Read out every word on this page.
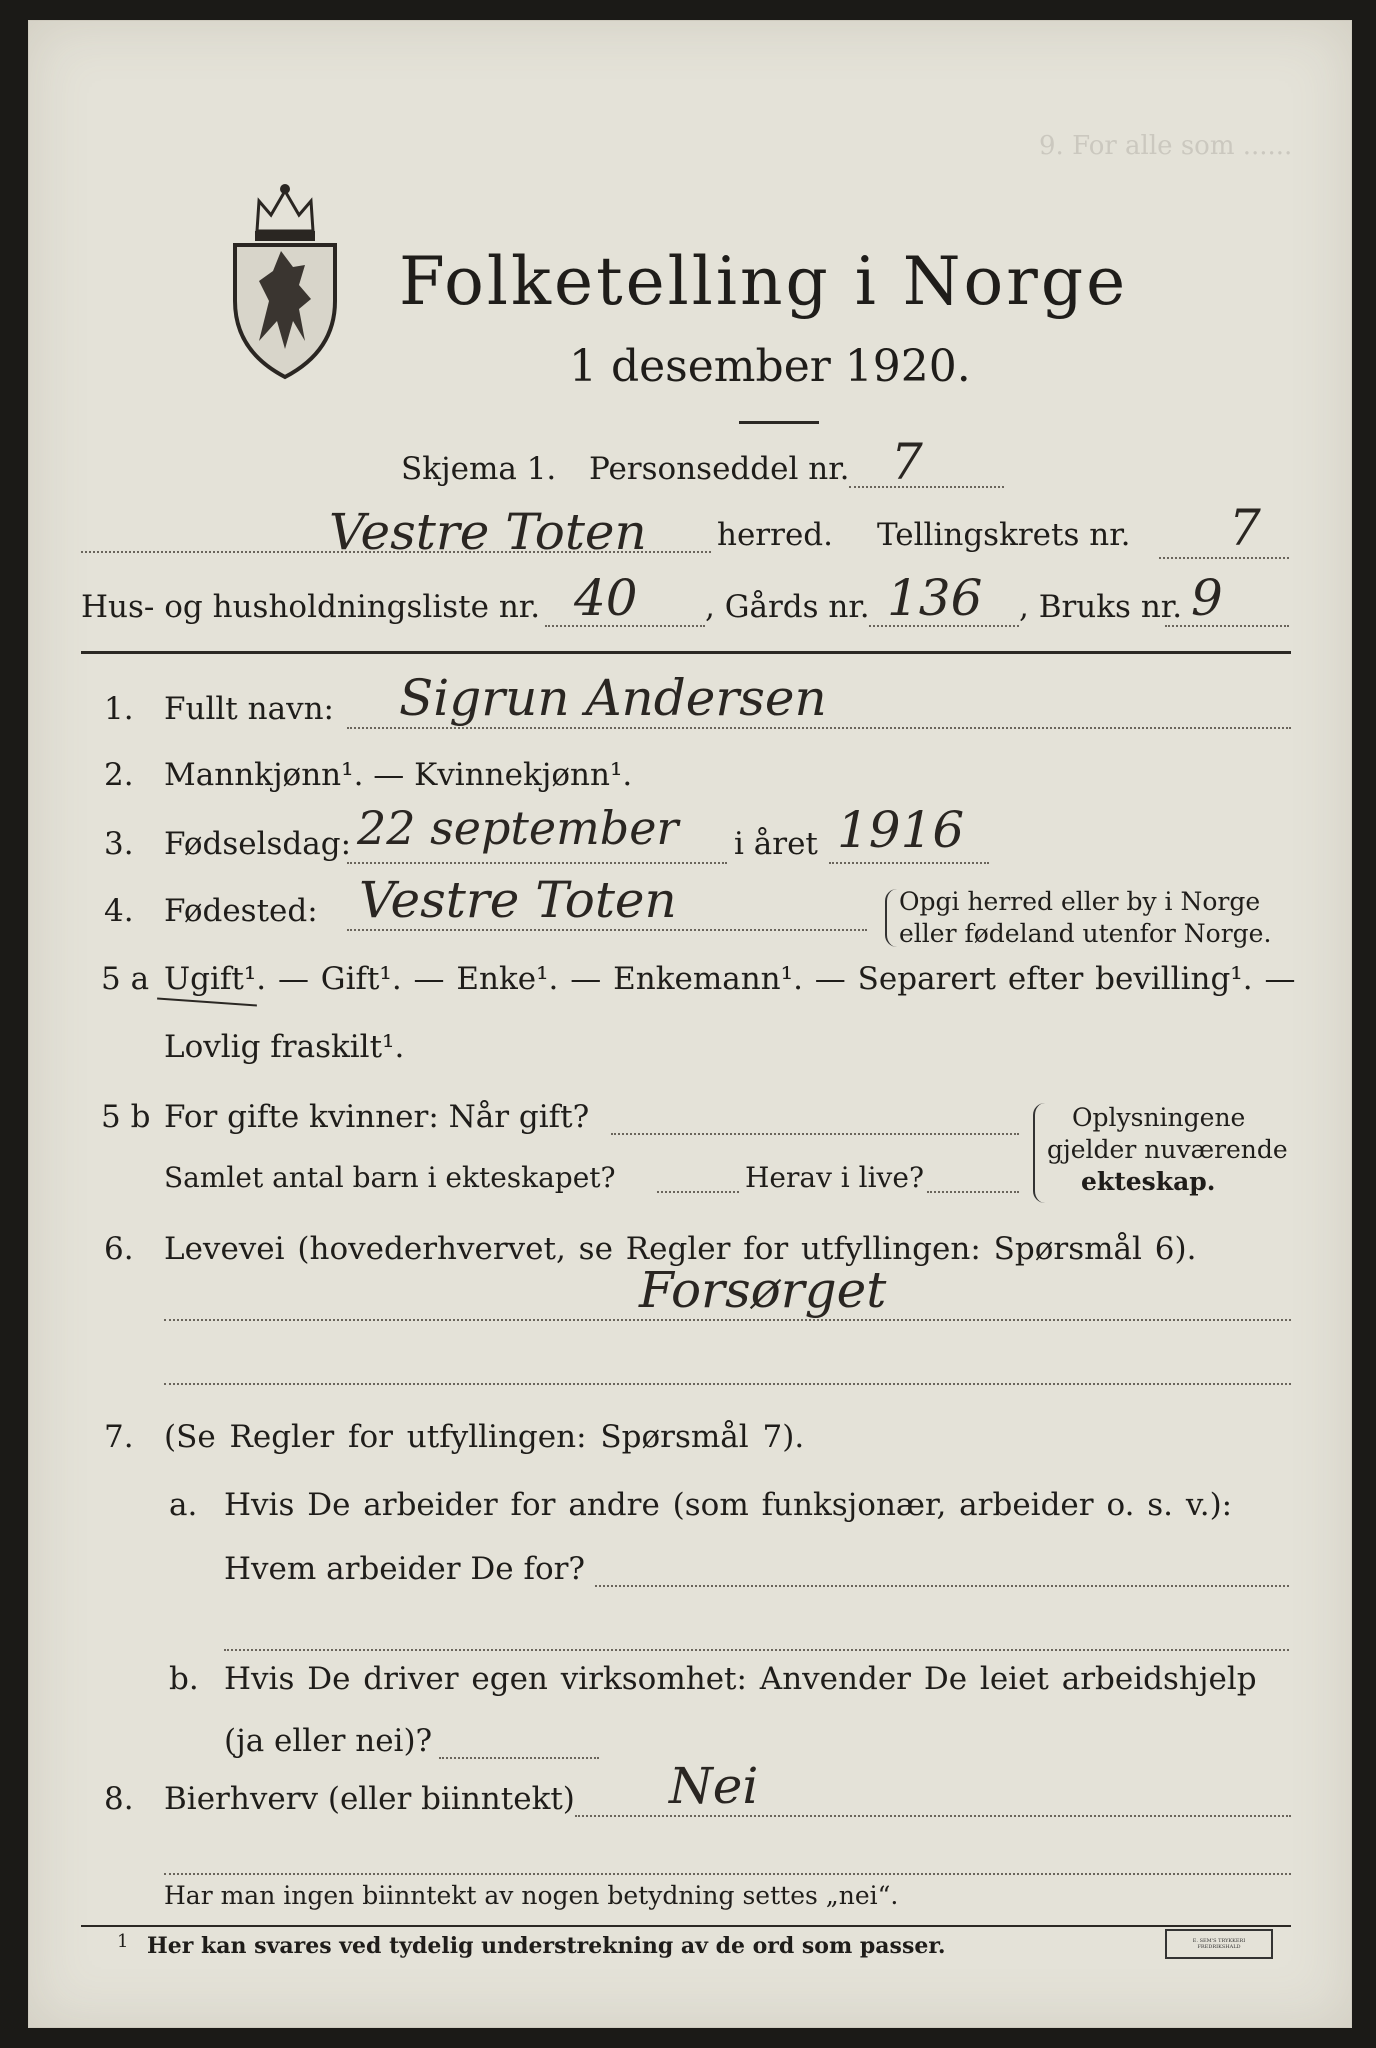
9. For alle som ......
Folketelling i Norge
1 desember 1920.
Skjema 1. Personseddel nr. 7
Vestre Toten herred. Tellingskrets nr. 7
Hus- og husholdningsliste nr. 40 , Gårds nr. 136 , Bruks nr. 9
1. Fullt navn: Sigrun Andersen
2. Mannkjønn¹. — Kvinnekjønn¹.
3. Fødselsdag: 22 september i året 1916
4. Fødested: Vestre Toten	Opgi herred eller by i Norge
eller fødeland utenfor Norge.
5 a Ugift¹. — Gift¹. — Enke¹. — Enkemann¹. — Separert efter bevilling¹. —
Lovlig fraskilt¹.
5 b For gifte kvinner: Når gift?
Samlet antal barn i ekteskapet?	Herav i live?
Oplysningene
gjelder nuværende
ekteskap.
6. Levevei (hovederhvervet, se Regler for utfyllingen: Spørsmål 6).
Forsørget
7. (Se Regler for utfyllingen: Spørsmål 7).
a. Hvis De arbeider for andre (som funksjonær, arbeider o. s. v.):
Hvem arbeider De for?
b. Hvis De driver egen virksomhet: Anvender De leiet arbeidshjelp
(ja eller nei)?
8. Bierhverv (eller biinntekt) Nei
Har man ingen biinntekt av nogen betydning settes „nei“.
1 Her kan svares ved tydelig understrekning av de ord som passer.	E. SEM'S TRYKKERI FREDRIKSHALD
